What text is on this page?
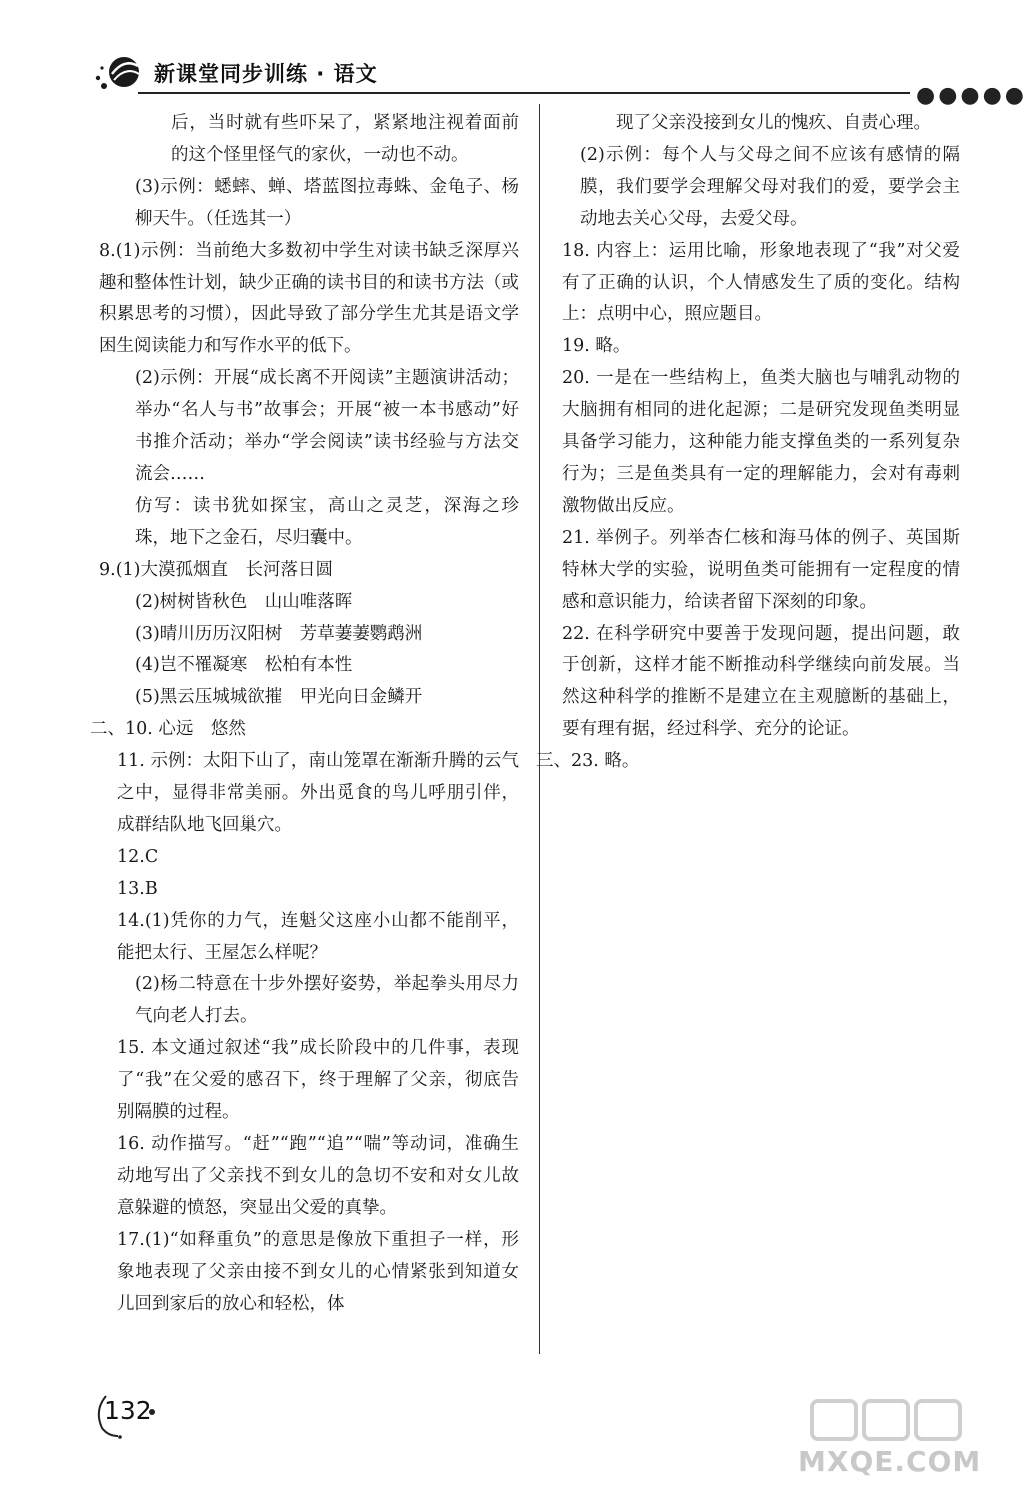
新课堂同步训练 · 语文
●●●●●

后，当时就有些吓呆了，紧紧地注视着面前的这个怪里怪气的家伙，一动也不动。

(3)示例：蟋蟀、蝉、塔蓝图拉毒蛛、金龟子、杨柳天牛。（任选其一）

8.(1)示例：当前绝大多数初中学生对读书缺乏深厚兴趣和整体性计划，缺少正确的读书目的和读书方法（或积累思考的习惯），因此导致了部分学生尤其是语文学困生阅读能力和写作水平的低下。

(2)示例：开展“成长离不开阅读”主题演讲活动；举办“名人与书”故事会；开展“被一本书感动”好书推介活动；举办“学会阅读”读书经验与方法交流会……

仿写：读书犹如探宝，高山之灵芝，深海之珍珠，地下之金石，尽归囊中。

9.(1)大漠孤烟直　长河落日圆

(2)树树皆秋色　山山唯落晖

(3)晴川历历汉阳树　芳草萋萋鹦鹉洲

(4)岂不罹凝寒　松柏有本性

(5)黑云压城城欲摧　甲光向日金鳞开

二、10. 心远　悠然

11. 示例：太阳下山了，南山笼罩在渐渐升腾的云气之中，显得非常美丽。外出觅食的鸟儿呼朋引伴，成群结队地飞回巢穴。

12.C

13.B

14.(1)凭你的力气，连魁父这座小山都不能削平，能把太行、王屋怎么样呢？

(2)杨二特意在十步外摆好姿势，举起拳头用尽力气向老人打去。

15. 本文通过叙述“我”成长阶段中的几件事，表现了“我”在父爱的感召下，终于理解了父亲，彻底告别隔膜的过程。

16. 动作描写。“赶”“跑”“追”“喘”等动词，准确生动地写出了父亲找不到女儿的急切不安和对女儿故意躲避的愤怒，突显出父爱的真挚。

17.(1)“如释重负”的意思是像放下重担子一样，形象地表现了父亲由接不到女儿的心情紧张到知道女儿回到家后的放心和轻松，体

现了父亲没接到女儿的愧疚、自责心理。

(2)示例：每个人与父母之间不应该有感情的隔膜，我们要学会理解父母对我们的爱，要学会主动地去关心父母，去爱父母。

18. 内容上：运用比喻，形象地表现了“我”对父爱有了正确的认识，个人情感发生了质的变化。结构上：点明中心，照应题目。

19. 略。

20. 一是在一些结构上，鱼类大脑也与哺乳动物的大脑拥有相同的进化起源；二是研究发现鱼类明显具备学习能力，这种能力能支撑鱼类的一系列复杂行为；三是鱼类具有一定的理解能力，会对有毒刺激物做出反应。

21. 举例子。列举杏仁核和海马体的例子、英国斯特林大学的实验，说明鱼类可能拥有一定程度的情感和意识能力，给读者留下深刻的印象。

22. 在科学研究中要善于发现问题，提出问题，敢于创新，这样才能不断推动科学继续向前发展。当然这种科学的推断不是建立在主观臆断的基础上，要有理有据，经过科学、充分的论证。

三、23. 略。

132
MXQE.COM
